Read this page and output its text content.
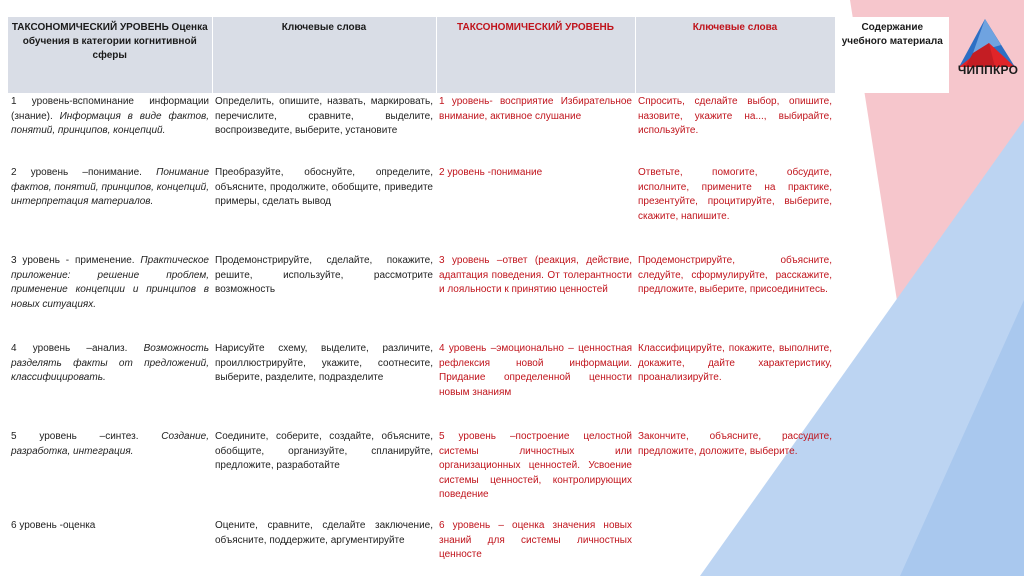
ЧИППКРО
ТАКСОНОМИЧЕСКИЙ УРОВЕНЬ Оценка обучения в категории когнитивной сферы	Ключевые слова	ТАКСОНОМИЧЕСКИЙ УРОВЕНЬ	Ключевые слова	Содержание учебного материала
1 уровень-вспоминание информации (знание). Информация в виде фактов, понятий, принципов, концепций.	Определить, опишите, назвать, маркировать, перечислите, сравните, выделите, воспроизведите, выберите, установите	1 уровень- восприятие Избирательное внимание, активное слушание	Спросить, сделайте выбор, опишите, назовите, укажите на..., выбирайте, используйте.	
2 уровень –понимание. Понимание фактов, понятий, принципов, концепций, интерпретация материалов.	Преобразуйте, обоснуйте, определите, объясните, продолжите, обобщите, приведите примеры, сделать вывод	2 уровень -понимание	Ответьте, помогите, обсудите, исполните, примените на практике, презентуйте, процитируйте, выберите, скажите, напишите.	
3 уровень - применение. Практическое приложение: решение проблем, применение концепции и принципов в новых ситуациях.	Продемонстрируйте, сделайте, покажите, решите, используйте, рассмотрите возможность	3 уровень –ответ (реакция, действие, адаптация поведения. От толерантности и лояльности к принятию ценностей	Продемонстрируйте, объясните, следуйте, сформулируйте, расскажите, предложите, выберите, присоединитесь.	
4 уровень –анализ. Возможность разделять факты от предложений, классифицировать.	Нарисуйте схему, выделите, различите, проиллюстрируйте, укажите, соотнесите, выберите, разделите, подразделите	4 уровень –эмоционально – ценностная рефлексия новой информации. Придание определенной ценности новым знаниям	Классифицируйте, покажите, выполните, докажите, дайте характеристику, проанализируйте.	
5 уровень –синтез. Создание, разработка, интеграция.	Соедините, соберите, создайте, объясните, обобщите, организуйте, спланируйте, предложите, разработайте	5 уровень –построение целостной системы личностных или организационных ценностей. Усвоение системы ценностей, контролирующих поведение	Закончите, объясните, рассудите, предложите, доложите, выберите.	
6 уровень -оценка	Оцените, сравните, сделайте заключение, объясните, поддержите, аргументируйте	6 уровень – оценка значения новых знаний для системы личностных ценносте		
